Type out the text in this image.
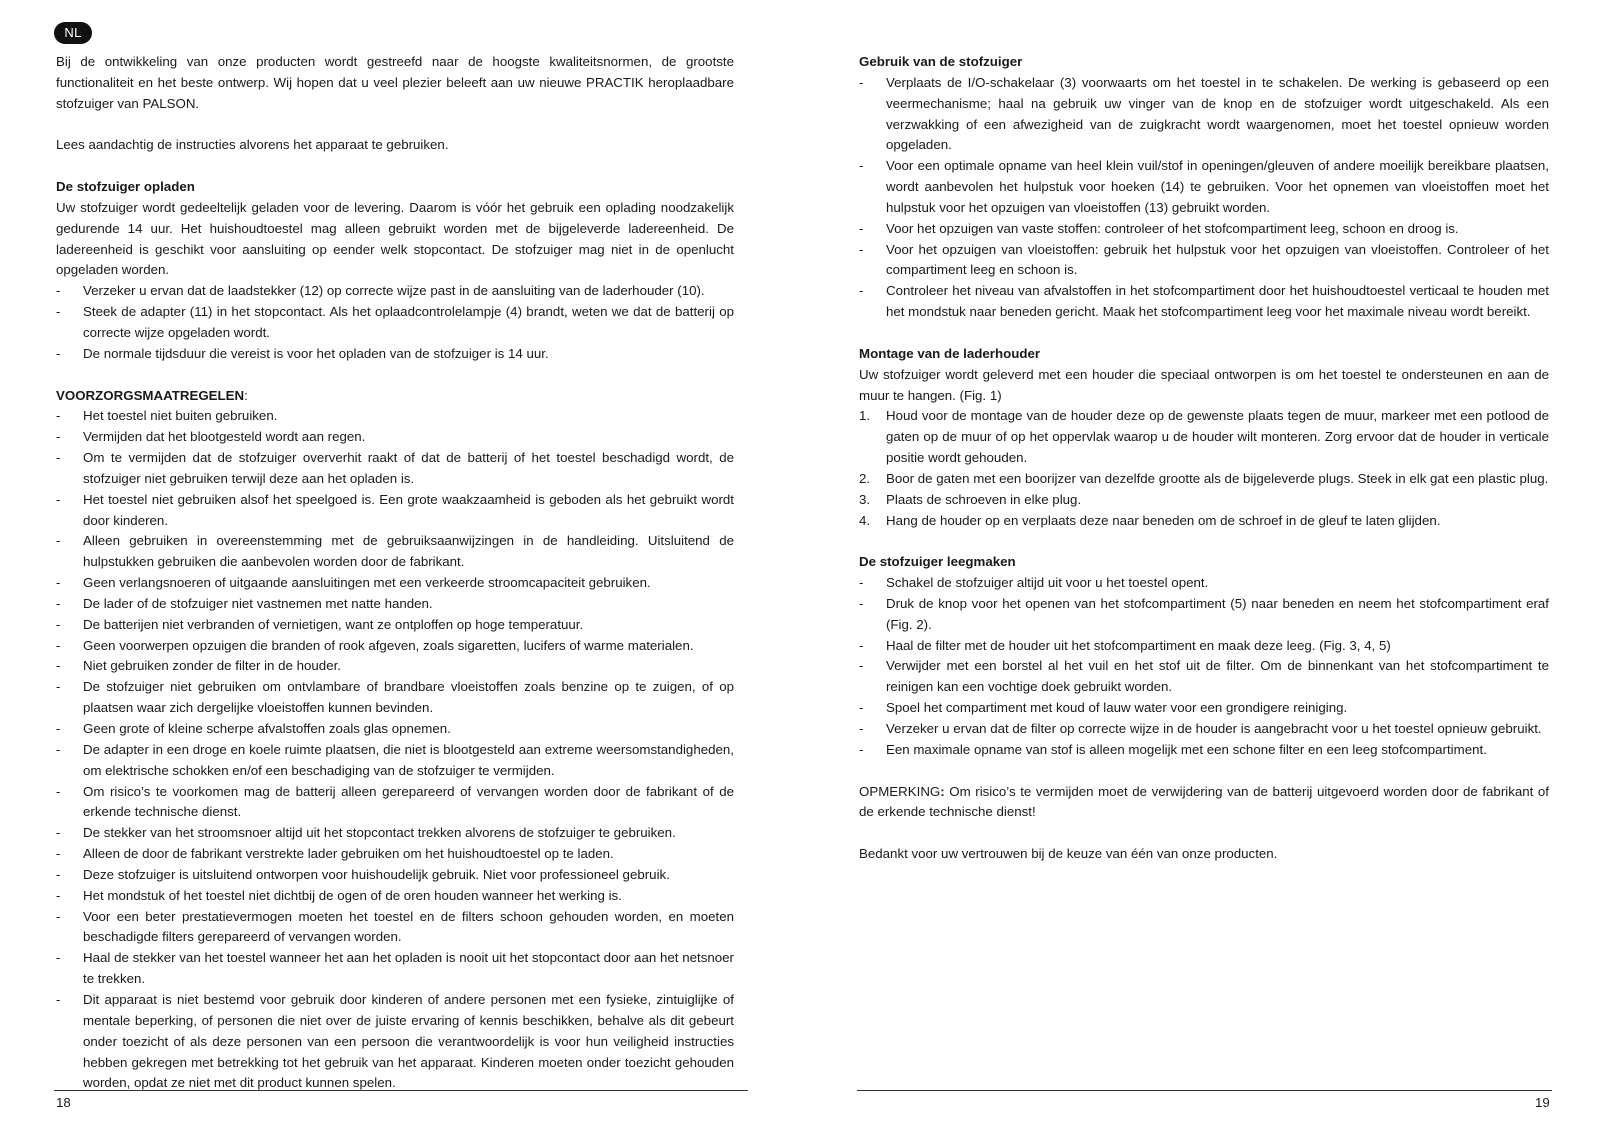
NL

Bij de ontwikkeling van onze producten wordt gestreefd naar de hoogste kwaliteitsnormen, de grootste functionaliteit en het beste ontwerp. Wij hopen dat u veel plezier beleeft aan uw nieuwe PRACTIK heroplaadbare stofzuiger van PALSON.

Lees aandachtig de instructies alvorens het apparaat te gebruiken.

De stofzuiger opladen

Uw stofzuiger wordt gedeeltelijk geladen voor de levering. Daarom is vóór het gebruik een oplading noodzakelijk gedurende 14 uur. Het huishoudtoestel mag alleen gebruikt worden met de bijgeleverde ladereenheid. De ladereenheid is geschikt voor aansluiting op eender welk stopcontact. De stofzuiger mag niet in de openlucht opgeladen worden.

- Verzeker u ervan dat de laadstekker (12) op correcte wijze past in de aansluiting van de laderhouder (10).
- Steek de adapter (11) in het stopcontact. Als het oplaadcontrolelampje (4) brandt, weten we dat de batterij op correcte wijze opgeladen wordt.
- De normale tijdsduur die vereist is voor het opladen van de stofzuiger is 14 uur.

VOORZORGSMAATREGELEN:

- Het toestel niet buiten gebruiken.
- Vermijden dat het blootgesteld wordt aan regen.
- Om te vermijden dat de stofzuiger oververhit raakt of dat de batterij of het toestel beschadigd wordt, de stofzuiger niet gebruiken terwijl deze aan het opladen is.
- Het toestel niet gebruiken alsof het speelgoed is. Een grote waakzaamheid is geboden als het gebruikt wordt door kinderen.
- Alleen gebruiken in overeenstemming met de gebruiksaanwijzingen in de handleiding. Uitsluitend de hulpstukken gebruiken die aanbevolen worden door de fabrikant.
- Geen verlangsnoeren of uitgaande aansluitingen met een verkeerde stroomcapaciteit gebruiken.
- De lader of de stofzuiger niet vastnemen met natte handen.
- De batterijen niet verbranden of vernietigen, want ze ontploffen op hoge temperatuur.
- Geen voorwerpen opzuigen die branden of rook afgeven, zoals sigaretten, lucifers of warme materialen.
- Niet gebruiken zonder de filter in de houder.
- De stofzuiger niet gebruiken om ontvlambare of brandbare vloeistoffen zoals benzine op te zuigen, of op plaatsen waar zich dergelijke vloeistoffen kunnen bevinden.
- Geen grote of kleine scherpe afvalstoffen zoals glas opnemen.
- De adapter in een droge en koele ruimte plaatsen, die niet is blootgesteld aan extreme weersomstandigheden, om elektrische schokken en/of een beschadiging van de stofzuiger te vermijden.
- Om risico’s te voorkomen mag de batterij alleen gerepareerd of vervangen worden door de fabrikant of de erkende technische dienst.
- De stekker van het stroomsnoer altijd uit het stopcontact trekken alvorens de stofzuiger te gebruiken.
- Alleen de door de fabrikant verstrekte lader gebruiken om het huishoudtoestel op te laden.
- Deze stofzuiger is uitsluitend ontworpen voor huishoudelijk gebruik. Niet voor professioneel gebruik.
- Het mondstuk of het toestel niet dichtbij de ogen of de oren houden wanneer het werking is.
- Voor een beter prestatievermogen moeten het toestel en de filters schoon gehouden worden, en moeten beschadigde filters gerepareerd of vervangen worden.
- Haal de stekker van het toestel wanneer het aan het opladen is nooit uit het stopcontact door aan het netsnoer te trekken.
- Dit apparaat is niet bestemd voor gebruik door kinderen of andere personen met een fysieke, zintuiglijke of mentale beperking, of personen die niet over de juiste ervaring of kennis beschikken, behalve als dit gebeurt onder toezicht of als deze personen van een persoon die verantwoordelijk is voor hun veiligheid instructies hebben gekregen met betrekking tot het gebruik van het apparaat. Kinderen moeten onder toezicht gehouden worden, opdat ze niet met dit product kunnen spelen.
18

Gebruik van de stofzuiger

- Verplaats de I/O-schakelaar (3) voorwaarts om het toestel in te schakelen. De werking is gebaseerd op een veermechanisme; haal na gebruik uw vinger van de knop en de stofzuiger wordt uitgeschakeld. Als een verzwakking of een afwezigheid van de zuigkracht wordt waargenomen, moet het toestel opnieuw worden opgeladen.
- Voor een optimale opname van heel klein vuil/stof in openingen/gleuven of andere moeilijk bereikbare plaatsen, wordt aanbevolen het hulpstuk voor hoeken (14) te gebruiken. Voor het opnemen van vloeistoffen moet het hulpstuk voor het opzuigen van vloeistoffen (13) gebruikt worden.
- Voor het opzuigen van vaste stoffen: controleer of het stofcompartiment leeg, schoon en droog is.
- Voor het opzuigen van vloeistoffen: gebruik het hulpstuk voor het opzuigen van vloeistoffen. Controleer of het compartiment leeg en schoon is.
- Controleer het niveau van afvalstoffen in het stofcompartiment door het huishoudtoestel verticaal te houden met het mondstuk naar beneden gericht. Maak het stofcompartiment leeg voor het maximale niveau wordt bereikt.

Montage van de laderhouder

Uw stofzuiger wordt geleverd met een houder die speciaal ontworpen is om het toestel te ondersteunen en aan de muur te hangen. (Fig. 1)

1. Houd voor de montage van de houder deze op de gewenste plaats tegen de muur, markeer met een potlood de gaten op de muur of op het oppervlak waarop u de houder wilt monteren. Zorg ervoor dat de houder in verticale positie wordt gehouden.
2. Boor de gaten met een boorijzer van dezelfde grootte als de bijgeleverde plugs. Steek in elk gat een plastic plug.
3. Plaats de schroeven in elke plug.
4. Hang de houder op en verplaats deze naar beneden om de schroef in de gleuf te laten glijden.

De stofzuiger leegmaken

- Schakel de stofzuiger altijd uit voor u het toestel opent.
- Druk de knop voor het openen van het stofcompartiment (5) naar beneden en neem het stofcompartiment eraf (Fig. 2).
- Haal de filter met de houder uit het stofcompartiment en maak deze leeg. (Fig. 3, 4, 5)
- Verwijder met een borstel al het vuil en het stof uit de filter. Om de binnenkant van het stofcompartiment te reinigen kan een vochtige doek gebruikt worden.
- Spoel het compartiment met koud of lauw water voor een grondigere reiniging.
- Verzeker u ervan dat de filter op correcte wijze in de houder is aangebracht voor u het toestel opnieuw gebruikt.
- Een maximale opname van stof is alleen mogelijk met een schone filter en een leeg stofcompartiment.

OPMERKING: Om risico’s te vermijden moet de verwijdering van de batterij uitgevoerd worden door de fabrikant of de erkende technische dienst!

Bedankt voor uw vertrouwen bij de keuze van één van onze producten.

19
